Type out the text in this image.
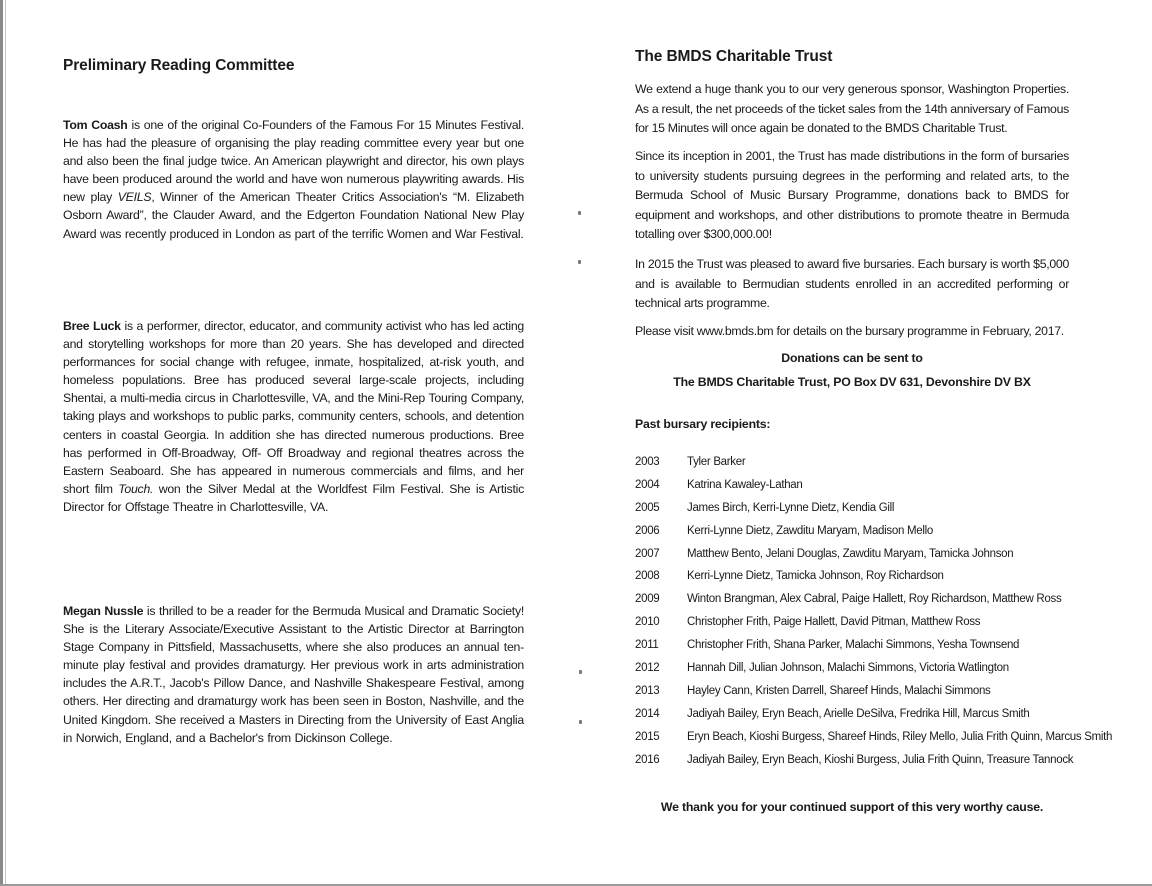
Preliminary Reading Committee

Tom Coash is one of the original Co-Founders of the Famous For 15 Minutes Festival. He has had the pleasure of organising the play reading committee every year but one and also been the final judge twice. An American playwright and director, his own plays have been produced around the world and have won numerous playwriting awards. His new play VEILS, Winner of the American Theater Critics Association's “M. Elizabeth Osborn Award”, the Clauder Award, and the Edgerton Foundation National New Play Award was recently produced in London as part of the terrific Women and War Festival.

Bree Luck is a performer, director, educator, and community activist who has led acting and storytelling workshops for more than 20 years. She has developed and directed performances for social change with refugee, inmate, hospitalized, at-risk youth, and homeless populations. Bree has produced several large-scale projects, including Shentai, a multi-media circus in Charlottesville, VA, and the Mini-Rep Touring Company, taking plays and workshops to public parks, community centers, schools, and detention centers in coastal Georgia. In addition she has directed numerous productions. Bree has performed in Off-Broadway, Off- Off Broadway and regional theatres across the Eastern Seaboard. She has appeared in numerous commercials and films, and her short film Touch. won the Silver Medal at the Worldfest Film Festival. She is Artistic Director for Offstage Theatre in Charlottesville, VA.

Megan Nussle is thrilled to be a reader for the Bermuda Musical and Dramatic Society! She is the Literary Associate/Executive Assistant to the Artistic Director at Barrington Stage Company in Pittsfield, Massachusetts, where she also produces an annual ten-minute play festival and provides dramaturgy. Her previous work in arts administration includes the A.R.T., Jacob's Pillow Dance, and Nashville Shakespeare Festival, among others. Her directing and dramaturgy work has been seen in Boston, Nashville, and the United Kingdom. She received a Masters in Directing from the University of East Anglia in Norwich, England, and a Bachelor's from Dickinson College.

The BMDS Charitable Trust

We extend a huge thank you to our very generous sponsor, Washington Properties. As a result, the net proceeds of the ticket sales from the 14th anniversary of Famous for 15 Minutes will once again be donated to the BMDS Charitable Trust.

Since its inception in 2001, the Trust has made distributions in the form of bursaries to university students pursuing degrees in the performing and related arts, to the Bermuda School of Music Bursary Programme, donations back to BMDS for equipment and workshops, and other distributions to promote theatre in Bermuda totalling over $300,000.00!

In 2015 the Trust was pleased to award five bursaries. Each bursary is worth $5,000 and is available to Bermudian students enrolled in an accredited performing or technical arts programme.

Please visit www.bmds.bm for details on the bursary programme in February, 2017.

Donations can be sent to
The BMDS Charitable Trust, PO Box DV 631, Devonshire DV BX
Past bursary recipients:
2003	Tyler Barker
2004	Katrina Kawaley-Lathan
2005	James Birch, Kerri-Lynne Dietz, Kendia Gill
2006	Kerri-Lynne Dietz, Zawditu Maryam, Madison Mello
2007	Matthew Bento, Jelani Douglas, Zawditu Maryam, Tamicka Johnson
2008	Kerri-Lynne Dietz, Tamicka Johnson, Roy Richardson
2009	Winton Brangman, Alex Cabral, Paige Hallett, Roy Richardson, Matthew Ross
2010	Christopher Frith, Paige Hallett, David Pitman, Matthew Ross
2011	Christopher Frith, Shana Parker, Malachi Simmons, Yesha Townsend
2012	Hannah Dill, Julian Johnson, Malachi Simmons, Victoria Watlington
2013	Hayley Cann, Kristen Darrell, Shareef Hinds, Malachi Simmons
2014	Jadiyah Bailey, Eryn Beach, Arielle DeSilva, Fredrika Hill, Marcus Smith
2015	Eryn Beach, Kioshi Burgess, Shareef Hinds, Riley Mello, Julia Frith Quinn, Marcus Smith
2016	Jadiyah Bailey, Eryn Beach, Kioshi Burgess, Julia Frith Quinn, Treasure Tannock
We thank you for your continued support of this very worthy cause.
